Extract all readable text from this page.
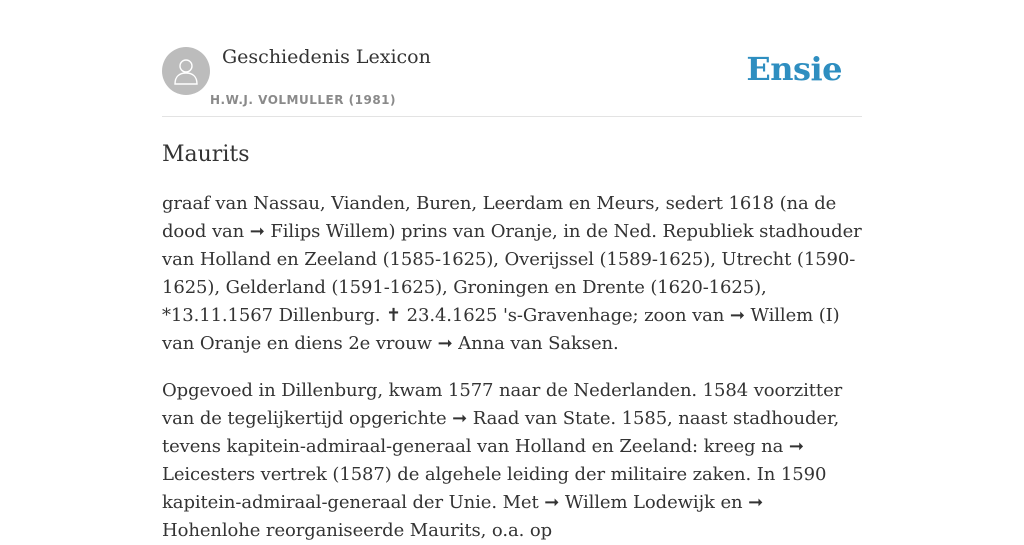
Geschiedenis Lexicon
H.W.J. VOLMULLER (1981)
Ensie
Maurits

graaf van Nassau, Vianden, Buren, Leerdam en Meurs, sedert 1618 (na de dood van ➞ Filips Willem) prins van Oranje, in de Ned. Republiek stadhouder van Holland en Zeeland (1585-1625), Overijssel (1589-1625), Utrecht (1590-1625), Gelderland (1591-1625), Groningen en Drente (1620-1625), *13.11.1567 Dillenburg. ✝ 23.4.1625 's-Gravenhage; zoon van ➞ Willem (I) van Oranje en diens 2e vrouw ➞ Anna van Saksen.

Opgevoed in Dillenburg, kwam 1577 naar de Nederlanden. 1584 voorzitter van de tegelijkertijd opgerichte ➞ Raad van State. 1585, naast stadhouder, tevens kapitein-admiraal-generaal van Holland en Zeeland: kreeg na ➞ Leicesters vertrek (1587) de algehele leiding der militaire zaken. In 1590 kapitein-admiraal-generaal der Unie. Met ➞ Willem Lodewijk en ➞ Hohenlohe reorganiseerde Maurits, o.a. op
